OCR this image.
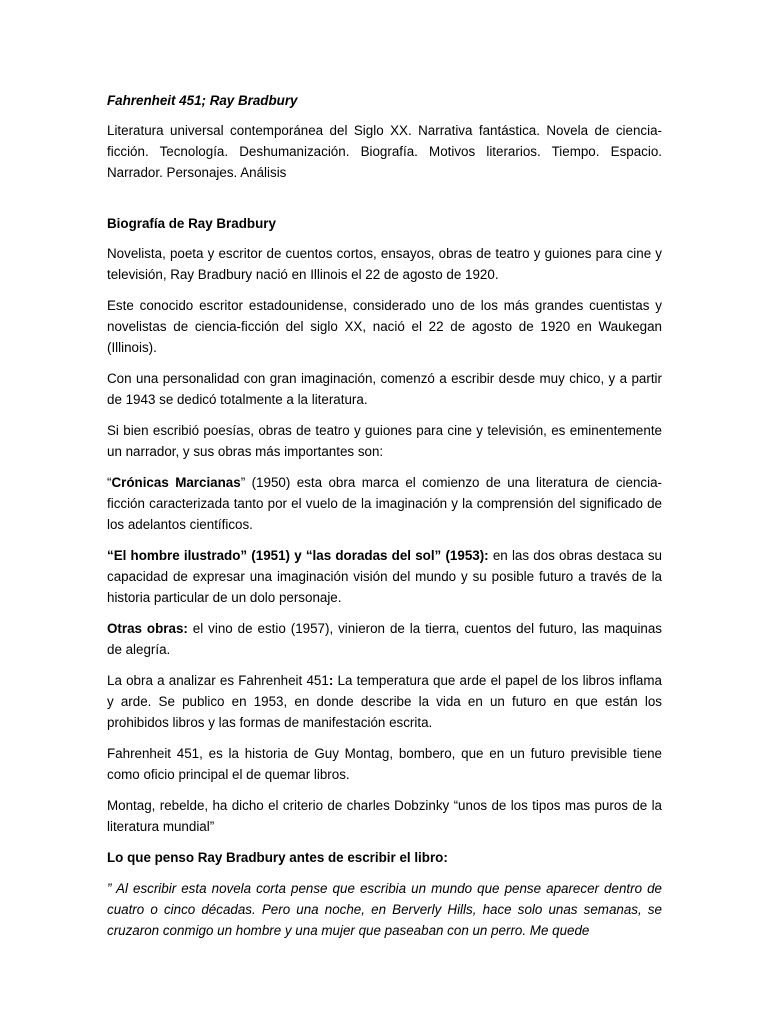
Fahrenheit 451; Ray Bradbury

Literatura universal contemporánea del Siglo XX. Narrativa fantástica. Novela de ciencia-ficción. Tecnología. Deshumanización. Biografía. Motivos literarios. Tiempo. Espacio. Narrador. Personajes. Análisis

Biografía de Ray Bradbury

Novelista, poeta y escritor de cuentos cortos, ensayos, obras de teatro y guiones para cine y televisión, Ray Bradbury nació en Illinois el 22 de agosto de 1920.

Este conocido escritor estadounidense, considerado uno de los más grandes cuentistas y novelistas de ciencia-ficción del siglo XX, nació el 22 de agosto de 1920 en Waukegan (Illinois).

Con una personalidad con gran imaginación, comenzó a escribir desde muy chico, y a partir de 1943 se dedicó totalmente a la literatura.

Si bien escribió poesías, obras de teatro y guiones para cine y televisión, es eminentemente un narrador, y sus obras más importantes son:

“Crónicas Marcianas” (1950) esta obra marca el comienzo de una literatura de ciencia-ficción caracterizada tanto por el vuelo de la imaginación y la comprensión del significado de los adelantos científicos.

“El hombre ilustrado” (1951) y “las doradas del sol” (1953): en las dos obras destaca su capacidad de expresar una imaginación visión del mundo y su posible futuro a través de la historia particular de un dolo personaje.

Otras obras: el vino de estio (1957), vinieron de la tierra, cuentos del futuro, las maquinas de alegría.

La obra a analizar es Fahrenheit 451: La temperatura que arde el papel de los libros inflama y arde. Se publico en 1953, en donde describe la vida en un futuro en que están los prohibidos libros y las formas de manifestación escrita.

Fahrenheit 451, es la historia de Guy Montag, bombero, que en un futuro previsible tiene como oficio principal el de quemar libros.

Montag, rebelde, ha dicho el criterio de charles Dobzinky “unos de los tipos mas puros de la literatura mundial”

Lo que penso Ray Bradbury antes de escribir el libro:

” Al escribir esta novela corta pense que escribia un mundo que pense aparecer dentro de cuatro o cinco décadas. Pero una noche, en Berverly Hills, hace solo unas semanas, se cruzaron conmigo un hombre y una mujer que paseaban con un perro. Me quede
